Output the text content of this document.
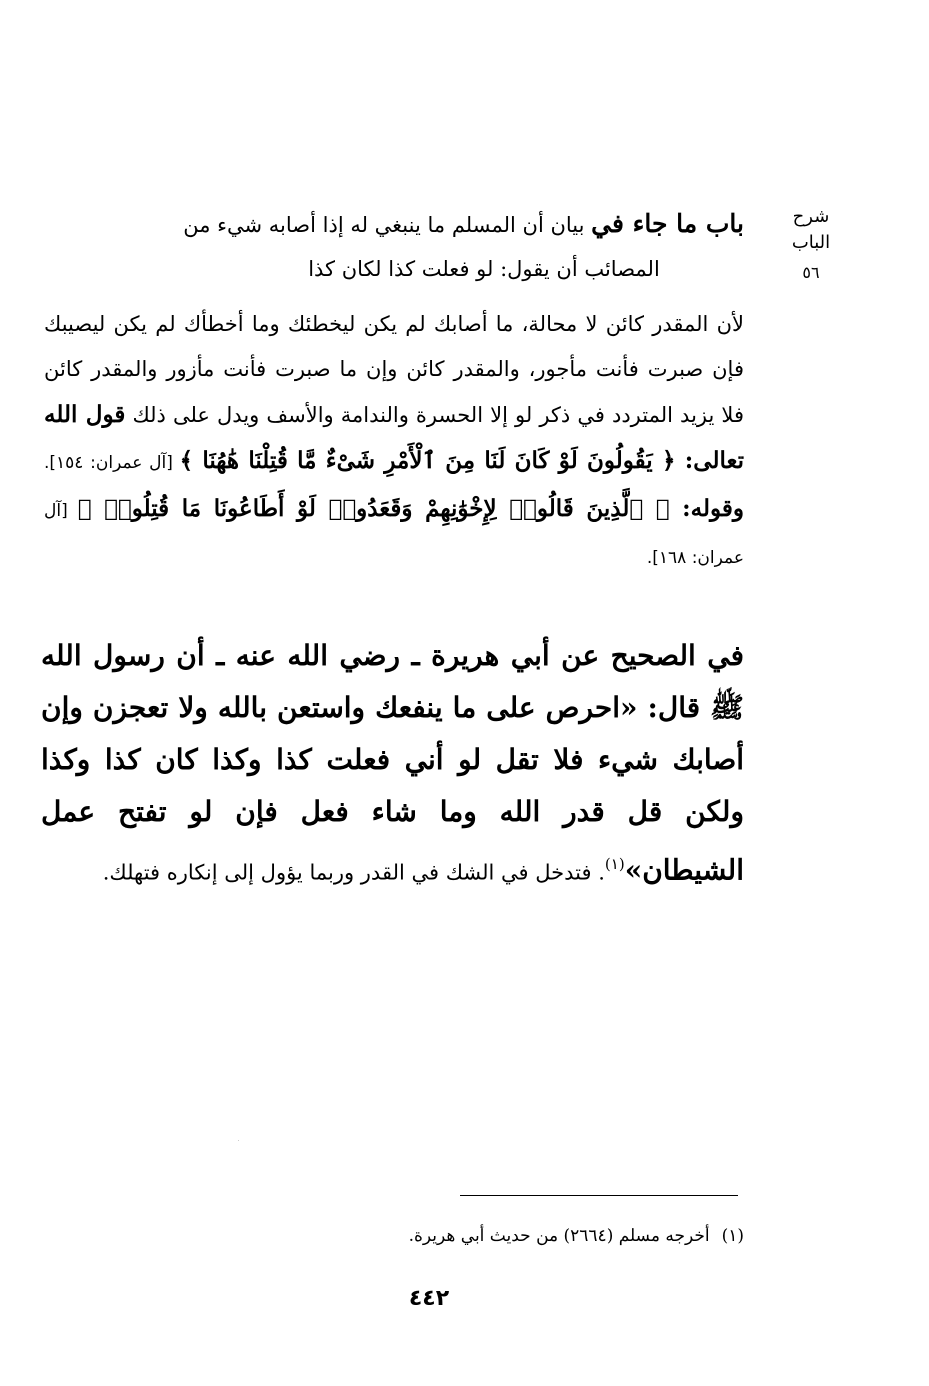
شرح الباب
٥٦
باب ما جاء في بيان أن المسلم ما ينبغي له إذا أصابه شيء من
المصائب أن يقول: لو فعلت كذا لكان كذا
لأن المقدر كائن لا محالة، ما أصابك لم يكن ليخطئك وما أخطأك لم يكن ليصيبك فإن صبرت فأنت مأجور، والمقدر كائن وإن ما صبرت فأنت مأزور والمقدر كائن فلا يزيد المتردد في ذكر لو إلا الحسرة والندامة والأسف ويدل على ذلك قول الله تعالى: ﴿ يَقُولُونَ لَوْ كَانَ لَنَا مِنَ ٱلْأَمْرِ شَىْءٌ مَّا قُتِلْنَا هَٰهُنَا ﴾ [آل عمران: ١٥٤]. وقوله: ﴿ ٱلَّذِينَ قَالُوا۟ لِإِخْوَٰنِهِمْ وَقَعَدُوا۟ لَوْ أَطَاعُونَا مَا قُتِلُوا۟ ﴾ [آل عمران: ١٦٨].
في الصحيح عن أبي هريرة ـ رضي الله عنه ـ أن رسول الله ﷺ قال: «احرص على ما ينفعك واستعن بالله ولا تعجزن وإن أصابك شيء فلا تقل لو أني فعلت كذا وكذا كان كذا وكذا ولكن قل قدر الله وما شاء فعل فإن لو تفتح عمل الشيطان»$^{(١)}$. فتدخل في الشك في القدر وربما يؤول إلى إنكاره فتهلك.
(١)أخرجه مسلم (٢٦٦٤) من حديث أبي هريرة.
٤٤٢
